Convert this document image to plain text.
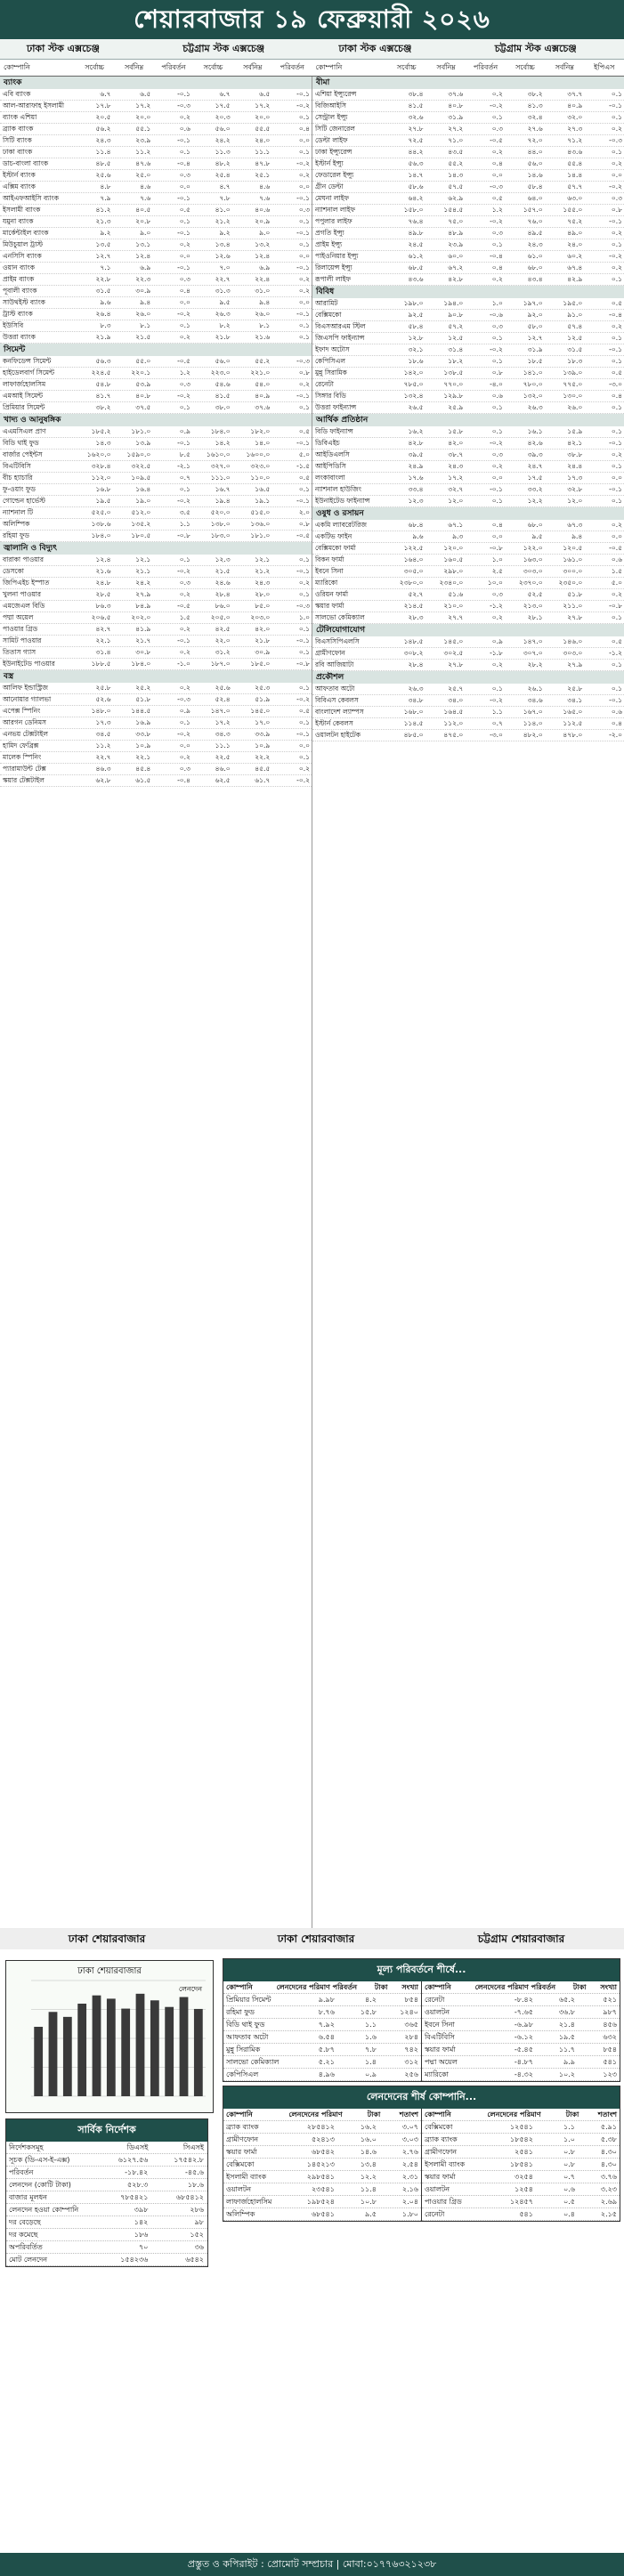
শেয়ারবাজার ১৯ ফেব্রুয়ারী ২০২৬
ঢাকা স্টক এক্সচেঞ্জ	চট্টগ্রাম স্টক এক্সচেঞ্জ	ঢাকা স্টক এক্সচেঞ্জ	চট্টগ্রাম স্টক এক্সচেঞ্জ
কোম্পানি	সর্বোচ্চ	সর্বনিম্ন	পরিবর্তন	সর্বোচ্চ	সর্বনিম্ন	পরিবর্তন	কোম্পানি	সর্বোচ্চ	সর্বনিম্ন	পরিবর্তন	সর্বোচ্চ	সর্বনিম্ন	ইপিএস
ব্যাংক
এবি ব্যাংক	৬.৭	৬.৫	-০.১	৬.৭	৬.৫	-০.১
আল-আরাফাহ ইসলামী	১৭.৮	১৭.২	-০.৩	১৭.৫	১৭.২	-০.২
ব্যাংক এশিয়া	২০.৫	২০.০	০.২	২০.৩	২০.০	০.১
ব্র্যাক ব্যাংক	৫৬.২	৫৫.১	০.৬	৫৬.০	৫৫.৫	০.৪
সিটি ব্যাংক	২৪.৩	২৩.৯	-০.১	২৪.২	২৪.০	০.০
ঢাকা ব্যাংক	১১.৪	১১.২	০.১	১১.৩	১১.১	০.১
ডাচ-বাংলা ব্যাংক	৪৮.৫	৪৭.৬	-০.৪	৪৮.২	৪৭.৮	-০.২
ইস্টার্ন ব্যাংক	২৫.৬	২৫.০	০.৩	২৫.৪	২৫.১	০.২
এক্সিম ব্যাংক	৪.৮	৪.৬	০.০	৪.৭	৪.৬	০.০
আইএফআইসি ব্যাংক	৭.৯	৭.৬	-০.১	৭.৮	৭.৬	-০.১
ইসলামী ব্যাংক	৪১.২	৪০.৫	০.৫	৪১.০	৪০.৬	০.৩
যমুনা ব্যাংক	২১.৩	২০.৮	০.১	২১.২	২০.৯	০.১
মার্কেন্টাইল ব্যাংক	৯.২	৯.০	-০.১	৯.২	৯.০	-০.১
মিউচুয়াল ট্রাস্ট	১৩.৫	১৩.১	০.২	১৩.৪	১৩.২	০.১
এনসিসি ব্যাংক	১২.৭	১২.৪	০.০	১২.৬	১২.৪	০.০
ওয়ান ব্যাংক	৭.১	৬.৯	-০.১	৭.০	৬.৯	-০.১
প্রাইম ব্যাংক	২২.৮	২২.৩	০.৩	২২.৭	২২.৪	০.২
পূবালী ব্যাংক	৩১.৫	৩০.৯	০.৪	৩১.৩	৩১.০	০.২
সাউথইস্ট ব্যাংক	৯.৬	৯.৪	০.০	৯.৫	৯.৪	০.০
ট্রাস্ট ব্যাংক	২৬.৪	২৬.০	-০.২	২৬.৩	২৬.০	-০.১
ইউসিবি	৮.৩	৮.১	০.১	৮.২	৮.১	০.১
উত্তরা ব্যাংক	২১.৯	২১.৫	০.২	২১.৮	২১.৬	০.১
সিমেন্ট
কনফিডেন্স সিমেন্ট	৫৬.৩	৫৫.০	-০.৫	৫৬.০	৫৫.২	-০.৩
হাইডেলবার্গ সিমেন্ট	২২৪.৫	২২০.১	১.২	২২৩.০	২২১.০	০.৮
লাফার্জহোলসিম	৫৪.৮	৫৩.৯	০.৩	৫৪.৬	৫৪.০	০.২
এমআই সিমেন্ট	৪১.৭	৪০.৮	-০.২	৪১.৫	৪০.৯	-০.১
প্রিমিয়ার সিমেন্ট	৩৮.২	৩৭.৫	০.১	৩৮.০	৩৭.৬	০.১
খাদ্য ও আনুষঙ্গিক
এএমসিএল প্রাণ	১৮৫.২	১৮১.০	০.৯	১৮৪.০	১৮২.০	০.৫
বিডি থাই ফুড	১৪.৩	১৩.৯	-০.১	১৪.২	১৪.০	-০.১
বার্জার পেইন্টস	১৬২০.০	১৫৯০.০	৮.৫	১৬১০.০	১৬০০.০	৫.০
বিএটিবিসি	৩২৮.৪	৩২২.৫	-২.১	৩২৭.০	৩২৩.০	-১.৫
বীচ হ্যাচারি	১১২.০	১০৯.৫	০.৭	১১১.০	১১০.০	০.৫
ফু-ওয়াং ফুড	১৬.৮	১৬.৪	০.১	১৬.৭	১৬.৫	০.১
গোল্ডেন হার্ভেস্ট	১৯.৫	১৯.০	-০.২	১৯.৪	১৯.১	-০.১
ন্যাশনাল টি	৫২৫.০	৫১২.০	৩.৫	৫২০.০	৫১৫.০	২.০
অলিম্পিক	১৩৮.৬	১৩৫.২	১.১	১৩৮.০	১৩৬.০	০.৮
রহিমা ফুড	১৮৪.০	১৮০.৫	-০.৮	১৮৩.০	১৮১.০	-০.৫
জ্বালানি ও বিদ্যুৎ
বারাকা পাওয়ার	১২.৪	১২.১	০.১	১২.৩	১২.১	০.১
ডেসকো	২১.৬	২১.১	-০.২	২১.৫	২১.২	-০.১
জিপিএইচ ইস্পাত	২৪.৮	২৪.২	০.৩	২৪.৬	২৪.৩	০.২
খুলনা পাওয়ার	২৮.৫	২৭.৯	০.২	২৮.৪	২৮.০	০.১
এমজেএল বিডি	৮৬.৩	৮৪.৯	-০.৫	৮৬.০	৮৫.০	-০.৩
পদ্মা অয়েল	২০৬.৫	২০২.০	১.৫	২০৫.০	২০৩.০	১.০
পাওয়ার গ্রিড	৪২.৭	৪১.৯	০.২	৪২.৫	৪২.০	০.১
সামিট পাওয়ার	২২.১	২১.৭	-০.১	২২.০	২১.৮	-০.১
তিতাস গ্যাস	৩১.৪	৩০.৮	০.২	৩১.২	৩০.৯	০.১
ইউনাইটেড পাওয়ার	১৮৮.৫	১৮৪.০	-১.০	১৮৭.০	১৮৫.০	-০.৮
বস্ত্র
আলিফ ইন্ডাস্ট্রিজ	২৫.৮	২৫.২	০.২	২৫.৬	২৫.৩	০.১
আনোয়ার গ্যালভা	৫২.৬	৫১.৮	-০.৩	৫২.৪	৫১.৯	-০.২
এপেক্স স্পিনিং	১৪৮.০	১৪৪.৫	০.৯	১৪৭.০	১৪৫.০	০.৫
আরগন ডেনিমস	১৭.৩	১৬.৯	০.১	১৭.২	১৭.০	০.১
এনভয় টেক্সটাইল	৩৪.৫	৩৩.৮	-০.২	৩৪.৩	৩৩.৯	-০.১
হামিদ ফেব্রিক্স	১১.২	১০.৯	০.০	১১.১	১০.৯	০.০
মালেক স্পিনিং	২২.৭	২২.১	০.২	২২.৫	২২.২	০.১
প্যারামাউন্ট টেক্স	৪৬.৩	৪৫.৪	০.৩	৪৬.০	৪৫.৫	০.২
স্কয়ার টেক্সটাইল	৬২.৮	৬১.৫	-০.৪	৬২.৫	৬১.৭	-০.২
বীমা
এশিয়া ইন্স্যুরেন্স	৩৮.৪	৩৭.৬	০.২	৩৮.২	৩৭.৭	০.১
বিজিআইসি	৪১.৫	৪০.৮	-০.২	৪১.৩	৪০.৯	-০.১
সেন্ট্রাল ইন্স্যু	৩২.৬	৩১.৯	০.১	৩২.৪	৩২.০	০.১
সিটি জেনারেল	২৭.৮	২৭.২	০.৩	২৭.৬	২৭.৩	০.২
ডেল্টা লাইফ	৭২.৫	৭১.০	-০.৫	৭২.০	৭১.২	-০.৩
ঢাকা ইন্স্যুরেন্স	৪৪.২	৪৩.৫	০.২	৪৪.০	৪৩.৬	০.১
ইস্টার্ন ইন্স্যু	৫৬.৩	৫৫.২	০.৪	৫৬.০	৫৫.৪	০.২
ফেডারেল ইন্স্যু	১৪.৭	১৪.৩	০.০	১৪.৬	১৪.৪	০.০
গ্রীন ডেল্টা	৫৮.৬	৫৭.৫	-০.৩	৫৮.৪	৫৭.৭	-০.২
মেঘনা লাইফ	৬৪.২	৬২.৯	০.৫	৬৪.০	৬৩.০	০.৩
ন্যাশনাল লাইফ	১৫৮.০	১৫৪.৫	১.২	১৫৭.০	১৫৫.০	০.৮
পপুলার লাইফ	৭৬.৪	৭৫.০	-০.২	৭৬.০	৭৫.২	-০.১
প্রগতি ইন্স্যু	৪৯.৮	৪৮.৯	০.৩	৪৯.৫	৪৯.০	০.২
প্রাইম ইন্স্যু	২৪.৫	২৩.৯	০.১	২৪.৩	২৪.০	০.১
পাইওনিয়ার ইন্স্যু	৬১.২	৬০.০	-০.৪	৬১.০	৬০.২	-০.২
রিলায়েন্স ইন্স্যু	৬৮.৫	৬৭.২	০.৪	৬৮.০	৬৭.৪	০.২
রূপালী লাইফ	৪৩.৬	৪২.৮	০.২	৪৩.৪	৪২.৯	০.১
বিবিধ
আরামিট	১৯৮.০	১৯৪.০	১.০	১৯৭.০	১৯৫.০	০.৫
বেক্সিমকো	৯২.৫	৯০.৮	-০.৬	৯২.০	৯১.০	-০.৪
বিএসআরএম স্টিল	৫৮.৪	৫৭.২	০.৩	৫৮.০	৫৭.৪	০.২
জিএসপি ফাইন্যান্স	১২.৮	১২.৫	০.১	১২.৭	১২.৫	০.১
ইফাদ অটোস	৩২.১	৩১.৪	-০.২	৩১.৯	৩১.৫	-০.১
কেপিসিএল	১৮.৬	১৮.২	০.১	১৮.৫	১৮.৩	০.১
মুন্নু সিরামিক	১৪২.০	১৩৮.৫	০.৮	১৪১.০	১৩৯.০	০.৫
রেনেটা	৭৮৫.০	৭৭০.০	-৪.০	৭৮০.০	৭৭৫.০	-৩.০
সিঙ্গার বিডি	১৩২.৪	১২৯.৮	০.৬	১৩২.০	১৩০.০	০.৪
উত্তরা ফাইন্যান্স	২৬.৫	২৫.৯	০.১	২৬.৩	২৬.০	০.১
আর্থিক প্রতিষ্ঠান
বিডি ফাইন্যান্স	১৬.২	১৫.৮	০.১	১৬.১	১৫.৯	০.১
ডিবিএইচ	৪২.৮	৪২.০	-০.২	৪২.৬	৪২.১	-০.১
আইডিএলসি	৩৯.৫	৩৮.৭	০.৩	৩৯.৩	৩৮.৮	০.২
আইপিডিসি	২৪.৯	২৪.৩	০.২	২৪.৭	২৪.৪	০.১
লংকাবাংলা	১৭.৬	১৭.২	০.০	১৭.৫	১৭.৩	০.০
ন্যাশনাল হাউজিং	৩৩.৪	৩২.৭	-০.১	৩৩.২	৩২.৮	-০.১
ইউনাইটেড ফাইন্যান্স	১২.৩	১২.০	০.১	১২.২	১২.০	০.১
ওষুধ ও রসায়ন
একমি ল্যাবরেটরিজ	৬৮.৪	৬৭.১	০.৪	৬৮.০	৬৭.৩	০.২
একটিভ ফাইন	৯.৬	৯.৩	০.০	৯.৫	৯.৪	০.০
বেক্সিমকো ফার্মা	১২২.৫	১২০.০	-০.৮	১২২.০	১২০.৫	-০.৫
বিকন ফার্মা	১৬৪.০	১৬০.৫	১.০	১৬৩.০	১৬১.০	০.৬
ইবনে সিনা	৩০৫.০	২৯৮.০	২.৫	৩০৩.০	৩০০.০	১.৫
ম্যারিকো	২৩৮০.০	২৩৪০.০	১০.০	২৩৭০.০	২৩৫০.০	৫.০
ওরিয়ন ফার্মা	৫২.৭	৫১.৬	০.৩	৫২.৫	৫১.৮	০.২
স্কয়ার ফার্মা	২১৪.৫	২১০.০	-১.২	২১৩.০	২১১.০	-০.৮
সালভো কেমিক্যাল	২৮.৩	২৭.৭	০.২	২৮.১	২৭.৮	০.১
টেলিযোগাযোগ
বিএসসিপিএলসি	১৪৮.৫	১৪৫.০	০.৯	১৪৭.০	১৪৬.০	০.৫
গ্রামীণফোন	৩০৮.২	৩০২.৫	-১.৮	৩০৭.০	৩০৩.০	-১.২
রবি আজিয়াটা	২৮.৪	২৭.৮	০.২	২৮.২	২৭.৯	০.১
প্রকৌশল
আফতাব অটো	২৬.৩	২৫.৭	০.১	২৬.১	২৫.৮	০.১
বিবিএস কেবলস	৩৪.৮	৩৪.০	-০.২	৩৪.৬	৩৪.১	-০.১
বাংলাদেশ ল্যাম্পস	১৬৮.০	১৬৪.৫	১.১	১৬৭.০	১৬৫.০	০.৬
ইস্টার্ন কেবলস	১১৪.৫	১১২.০	০.৭	১১৪.০	১১২.৫	০.৪
ওয়ালটন হাইটেক	৪৮৫.০	৪৭৫.০	-৩.০	৪৮২.০	৪৭৮.০	-২.০
ঢাকা শেয়ারবাজার	ঢাকা শেয়ারবাজার	চট্টগ্রাম শেয়ারবাজার
ঢাকা শেয়ারবাজার
লেনদেন
সার্বিক নির্দেশক
নির্দেশকসমূহ	ডিএসই	সিএসই
সূচক (ডি-এস-ই-এক্স)	৬১২৭.৫৬	১৭৫৪২.৮
পরিবর্তন	-১৮.৪২	-৪৫.৬
লেনদেন (কোটি টাকা)	৫২৮.৩	১৮.৬
বাজার মূলধন	৭৮৫৪২১	৬৮৫৪১২
লেনদেন হওয়া কোম্পানি	৩৯৮	২৮৬
দর বেড়েছে	১৪২	৯৮
দর কমেছে	১৮৬	১৫২
অপরিবর্তিত	৭০	৩৬
মোট লেনদেন	১৫৪২৩৬	৬৫৪২
মূল্য পরিবর্তনে শীর্ষে...
কোম্পানি	লেনদেনের পরিমাণ পরিবর্তন	টাকা	সংখ্যা
প্রিমিয়ার সিমেন্ট	৯.৯৮	৪.২	৮৫৪
রহিমা ফুড	৮.৭৬	১৫.৮	১২৪০
বিডি থাই ফুড	৭.৯২	১.১	৩৬৫
আফতাব অটো	৬.৫৪	১.৬	২৮৪
মুন্নু সিরামিক	৫.৮৭	৭.৮	৭৪২
সালভো কেমিক্যাল	৫.২১	১.৪	৩১২
কেপিসিএল	৪.৯৬	০.৯	২৫৬
কোম্পানি	লেনদেনের পরিমাণ পরিবর্তন	টাকা	সংখ্যা
রেনেটা	-৮.৪২	৬৫.২	৫২১
ওয়ালটন	-৭.৬৫	৩৬.৮	৯৮৭
ইবনে সিনা	-৬.৯৮	২১.৪	৪৫৬
বিএটিবিসি	-৬.১২	১৯.৫	৬৩২
স্কয়ার ফার্মা	-৫.৪৫	১১.৭	৮৫৪
পদ্মা অয়েল	-৪.৮৭	৯.৯	৫৪১
ম্যারিকো	-৪.৩২	১০.২	১২৩
লেনদেনের শীর্ষ কোম্পানি...
কোম্পানি	লেনদেনের পরিমাণ	টাকা	শতাংশ
ব্র্যাক ব্যাংক	২৮৫৪১২	১৬.২	৩.০৭
গ্রামীণফোন	৫২৪১৩	১৬.০	৩.০৩
স্কয়ার ফার্মা	৬৮৫৪২	১৪.৬	২.৭৬
বেক্সিমকো	১৪৫২১৩	১৩.৪	২.৫৪
ইসলামী ব্যাংক	২৯৮৫৪১	১২.২	২.৩১
ওয়ালটন	২৩৫৪১	১১.৪	২.১৬
লাফার্জহোলসিম	১৯৮৫২৪	১০.৮	২.০৪
অলিম্পিক	৬৮৫৪১	৯.৫	১.৮০
কোম্পানি	লেনদেনের পরিমাণ	টাকা	শতাংশ
বেক্সিমকো	১২৫৪১	১.১	৫.৯১
ব্র্যাক ব্যাংক	১৮৫৪২	১.০	৫.৩৮
গ্রামীণফোন	২৫৪১	০.৮	৪.৩০
ইসলামী ব্যাংক	১৮৫৪১	০.৮	৪.৩০
স্কয়ার ফার্মা	৩২৫৪	০.৭	৩.৭৬
ওয়ালটন	১২৫৪	০.৬	৩.২৩
পাওয়ার গ্রিড	১২৪৫৭	০.৫	২.৬৯
রেনেটা	৫৪১	০.৪	২.১৫
প্রস্তুত ও কপিরাইট : প্রোমোট সম্প্রচার | মোবা:০১৭৭৬৩২১২৩৮
